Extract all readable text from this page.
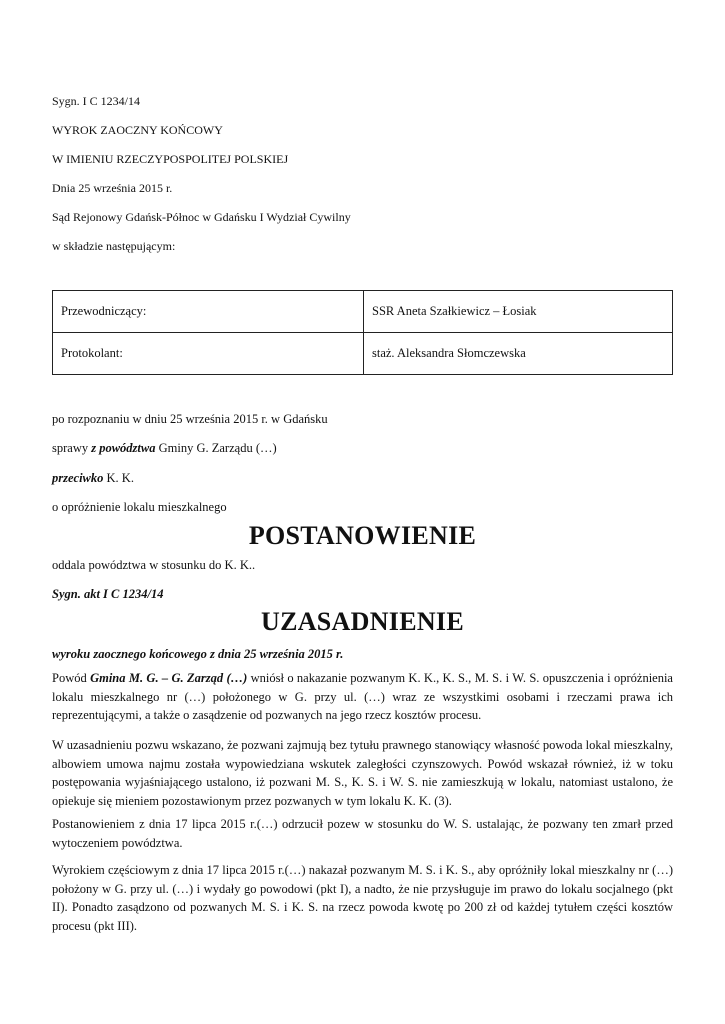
Sygn. I C 1234/14

WYROK ZAOCZNY KOŃCOWY

W IMIENIU RZECZYPOSPOLITEJ POLSKIEJ

Dnia 25 września 2015 r.

Sąd Rejonowy Gdańsk-Północ w Gdańsku I Wydział Cywilny

w składzie następującym:

Przewodniczący:	SSR Aneta Szałkiewicz – Łosiak
Protokolant:	staż. Aleksandra Słomczewska

po rozpoznaniu w dniu 25 września 2015 r. w Gdańsku

sprawy z powództwa Gminy G. Zarządu (…)

przeciwko K. K.

o opróżnienie lokalu mieszkalnego

POSTANOWIENIE

oddala powództwa w stosunku do K. K..

Sygn. akt I C 1234/14

UZASADNIENIE

wyroku zaocznego końcowego z dnia 25 września 2015 r.

Powód Gmina M. G. – G. Zarząd (…) wniósł o nakazanie pozwanym K. K., K. S., M. S. i W. S. opuszczenia i opróżnienia lokalu mieszkalnego nr (…) położonego w G. przy ul. (…) wraz ze wszystkimi osobami i rzeczami prawa ich reprezentującymi, a także o zasądzenie od pozwanych na jego rzecz kosztów procesu.

W uzasadnieniu pozwu wskazano, że pozwani zajmują bez tytułu prawnego stanowiący własność powoda lokal mieszkalny, albowiem umowa najmu została wypowiedziana wskutek zaległości czynszowych. Powód wskazał również, iż w toku postępowania wyjaśniającego ustalono, iż pozwani M. S., K. S. i W. S. nie zamieszkują w lokalu, natomiast ustalono, że opiekuje się mieniem pozostawionym przez pozwanych w tym lokalu K. K. (3).

Postanowieniem z dnia 17 lipca 2015 r.(…) odrzucił pozew w stosunku do W. S. ustalając, że pozwany ten zmarł przed wytoczeniem powództwa.

Wyrokiem częściowym z dnia 17 lipca 2015 r.(…) nakazał pozwanym M. S. i K. S., aby opróżniły lokal mieszkalny nr (…) położony w G. przy ul. (…) i wydały go powodowi (pkt I), a nadto, że nie przysługuje im prawo do lokalu socjalnego (pkt II). Ponadto zasądzono od pozwanych M. S. i K. S. na rzecz powoda kwotę po 200 zł od każdej tytułem części kosztów procesu (pkt III).
